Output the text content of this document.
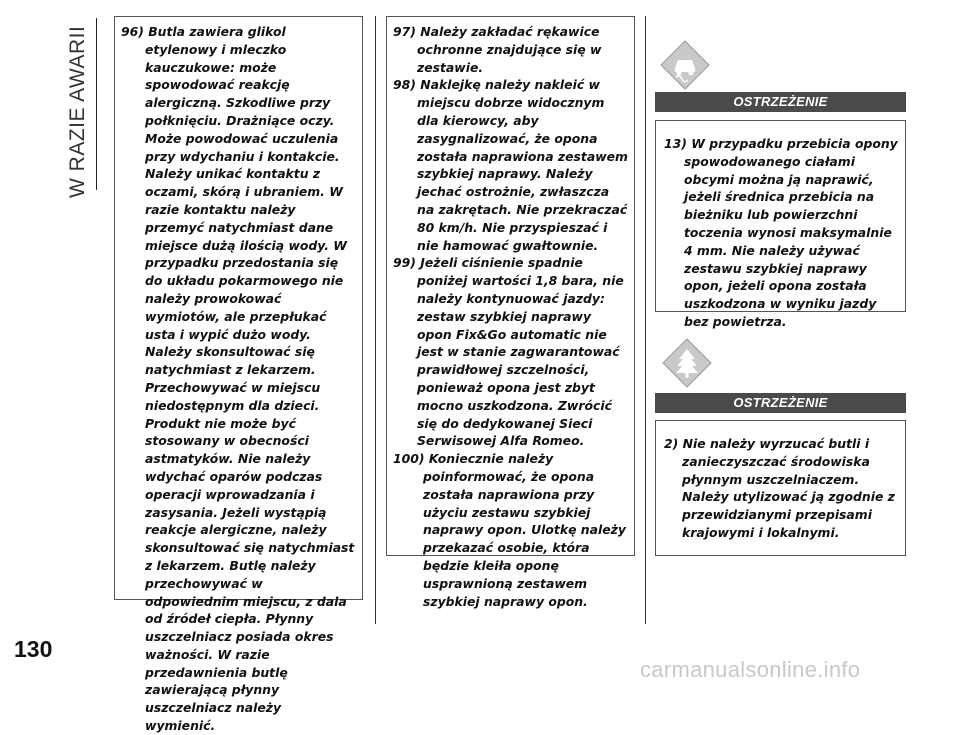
W RAZIE AWARII
130

96) Butla zawiera glikol etylenowy i mleczko kauczukowe: może spowodować reakcję alergiczną. Szkodliwe przy połknięciu. Drażniące oczy. Może powodować uczulenia przy wdychaniu i kontakcie. Należy unikać kontaktu z oczami, skórą i ubraniem. W razie kontaktu należy przemyć natychmiast dane miejsce dużą ilością wody. W przypadku przedostania się do układu pokarmowego nie należy prowokować wymiotów, ale przepłukać usta i wypić dużo wody. Należy skonsultować się natychmiast z lekarzem. Przechowywać w miejscu niedostępnym dla dzieci. Produkt nie może być stosowany w obecności astmatyków. Nie należy wdychać oparów podczas operacji wprowadzania i zasysania. Jeżeli wystąpią reakcje alergiczne, należy skonsultować się natychmiast z lekarzem. Butlę należy przechowywać w odpowiednim miejscu, z dala od źródeł ciepła. Płynny uszczelniacz posiada okres ważności. W razie przedawnienia butlę zawierającą płynny uszczelniacz należy wymienić.

97) Należy zakładać rękawice ochronne znajdujące się w zestawie.

98) Naklejkę należy nakleić w miejscu dobrze widocznym dla kierowcy, aby zasygnalizować, że opona została naprawiona zestawem szybkiej naprawy. Należy jechać ostrożnie, zwłaszcza na zakrętach. Nie przekraczać 80 km/h. Nie przyspieszać i nie hamować gwałtownie.

99) Jeżeli ciśnienie spadnie poniżej wartości 1,8 bara, nie należy kontynuować jazdy: zestaw szybkiej naprawy opon Fix&Go automatic nie jest w stanie zagwarantować prawidłowej szczelności, ponieważ opona jest zbyt mocno uszkodzona. Zwrócić się do dedykowanej Sieci Serwisowej Alfa Romeo.

100) Koniecznie należy poinformować, że opona została naprawiona przy użyciu zestawu szybkiej naprawy opon. Ulotkę należy przekazać osobie, która będzie kleiła oponę usprawnioną zestawem szybkiej naprawy opon.

OSTRZEŻENIE

13) W przypadku przebicia opony spowodowanego ciałami obcymi można ją naprawić, jeżeli średnica przebicia na bieżniku lub powierzchni toczenia wynosi maksymalnie 4 mm. Nie należy używać zestawu szybkiej naprawy opon, jeżeli opona została uszkodzona w wyniku jazdy bez powietrza.

OSTRZEŻENIE

2) Nie należy wyrzucać butli i zanieczyszczać środowiska płynnym uszczelniaczem. Należy utylizować ją zgodnie z przewidzianymi przepisami krajowymi i lokalnymi.

carmanualsonline.info
